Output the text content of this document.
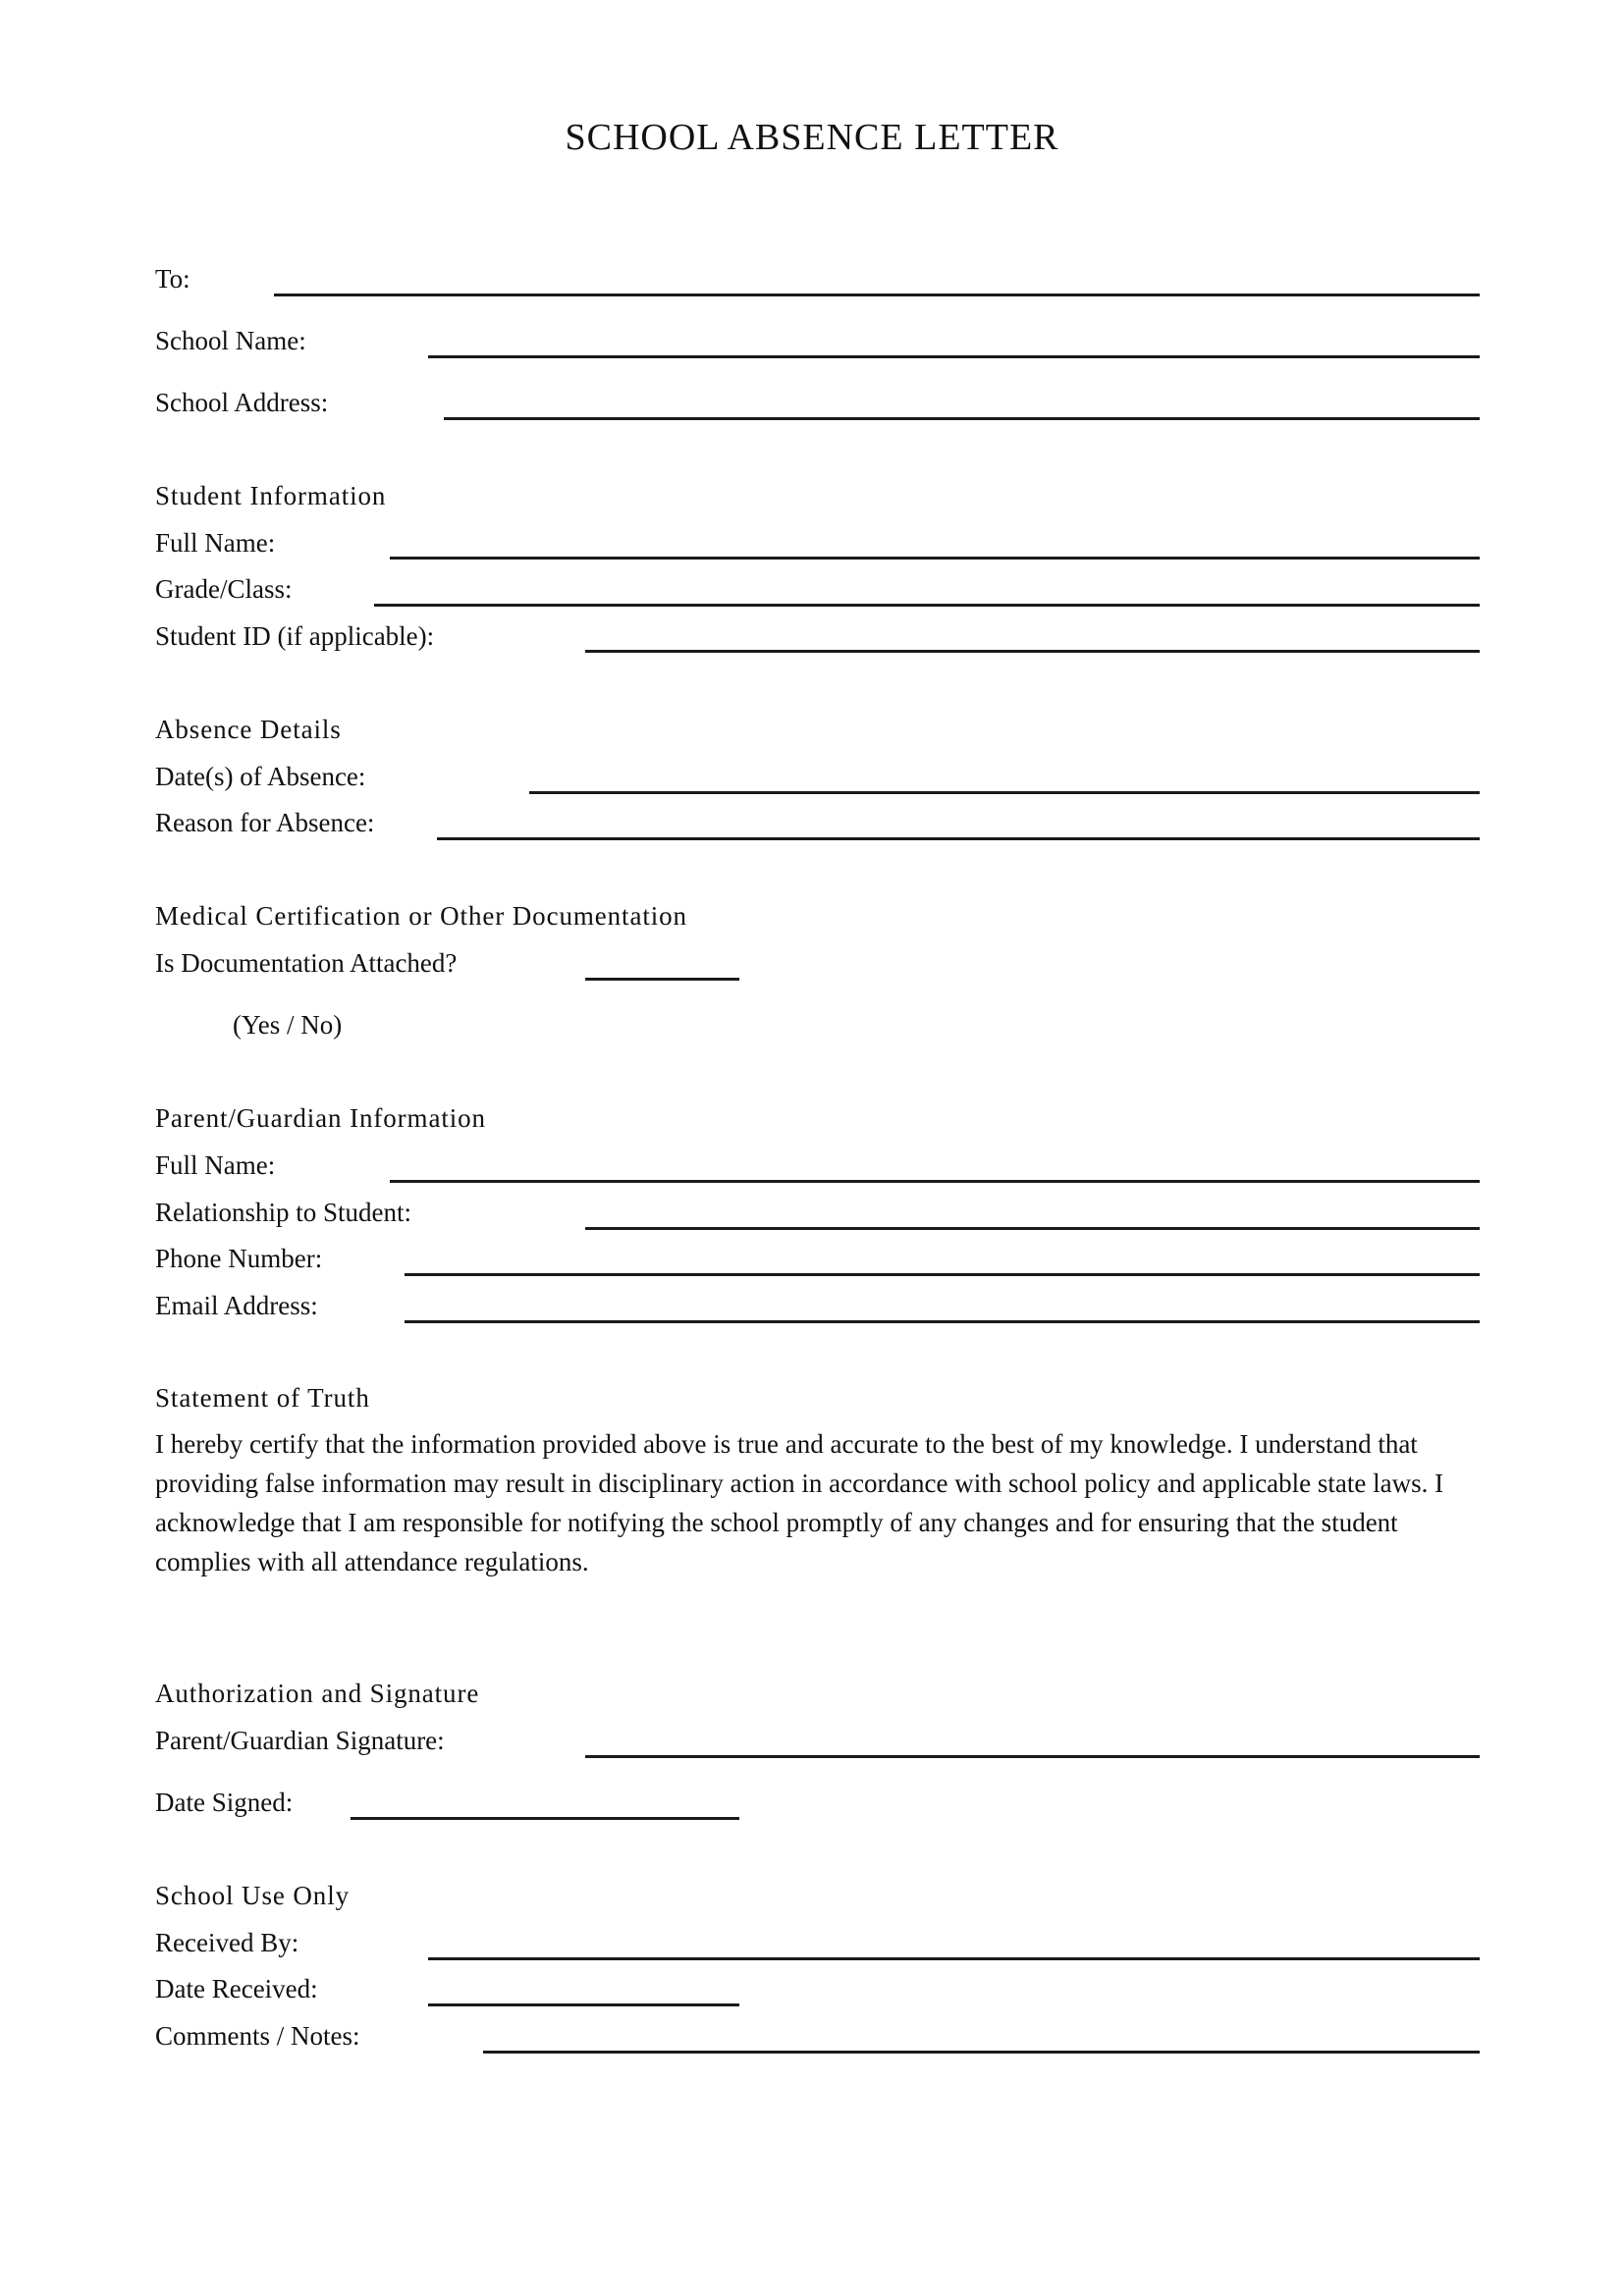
SCHOOL ABSENCE LETTER
To:
School Name:
School Address:
Student Information
Full Name:
Grade/Class:
Student ID (if applicable):
Absence Details
Date(s) of Absence:
Reason for Absence:
Medical Certification or Other Documentation
Is Documentation Attached?
(Yes / No)
Parent/Guardian Information
Full Name:
Relationship to Student:
Phone Number:
Email Address:
Statement of Truth
I hereby certify that the information provided above is true and accurate to the best of my knowledge. I understand that providing false information may result in disciplinary action in accordance with school policy and applicable state laws. I acknowledge that I am responsible for notifying the school promptly of any changes and for ensuring that the student complies with all attendance regulations.
Authorization and Signature
Parent/Guardian Signature:
Date Signed:
School Use Only
Received By:
Date Received:
Comments / Notes:
